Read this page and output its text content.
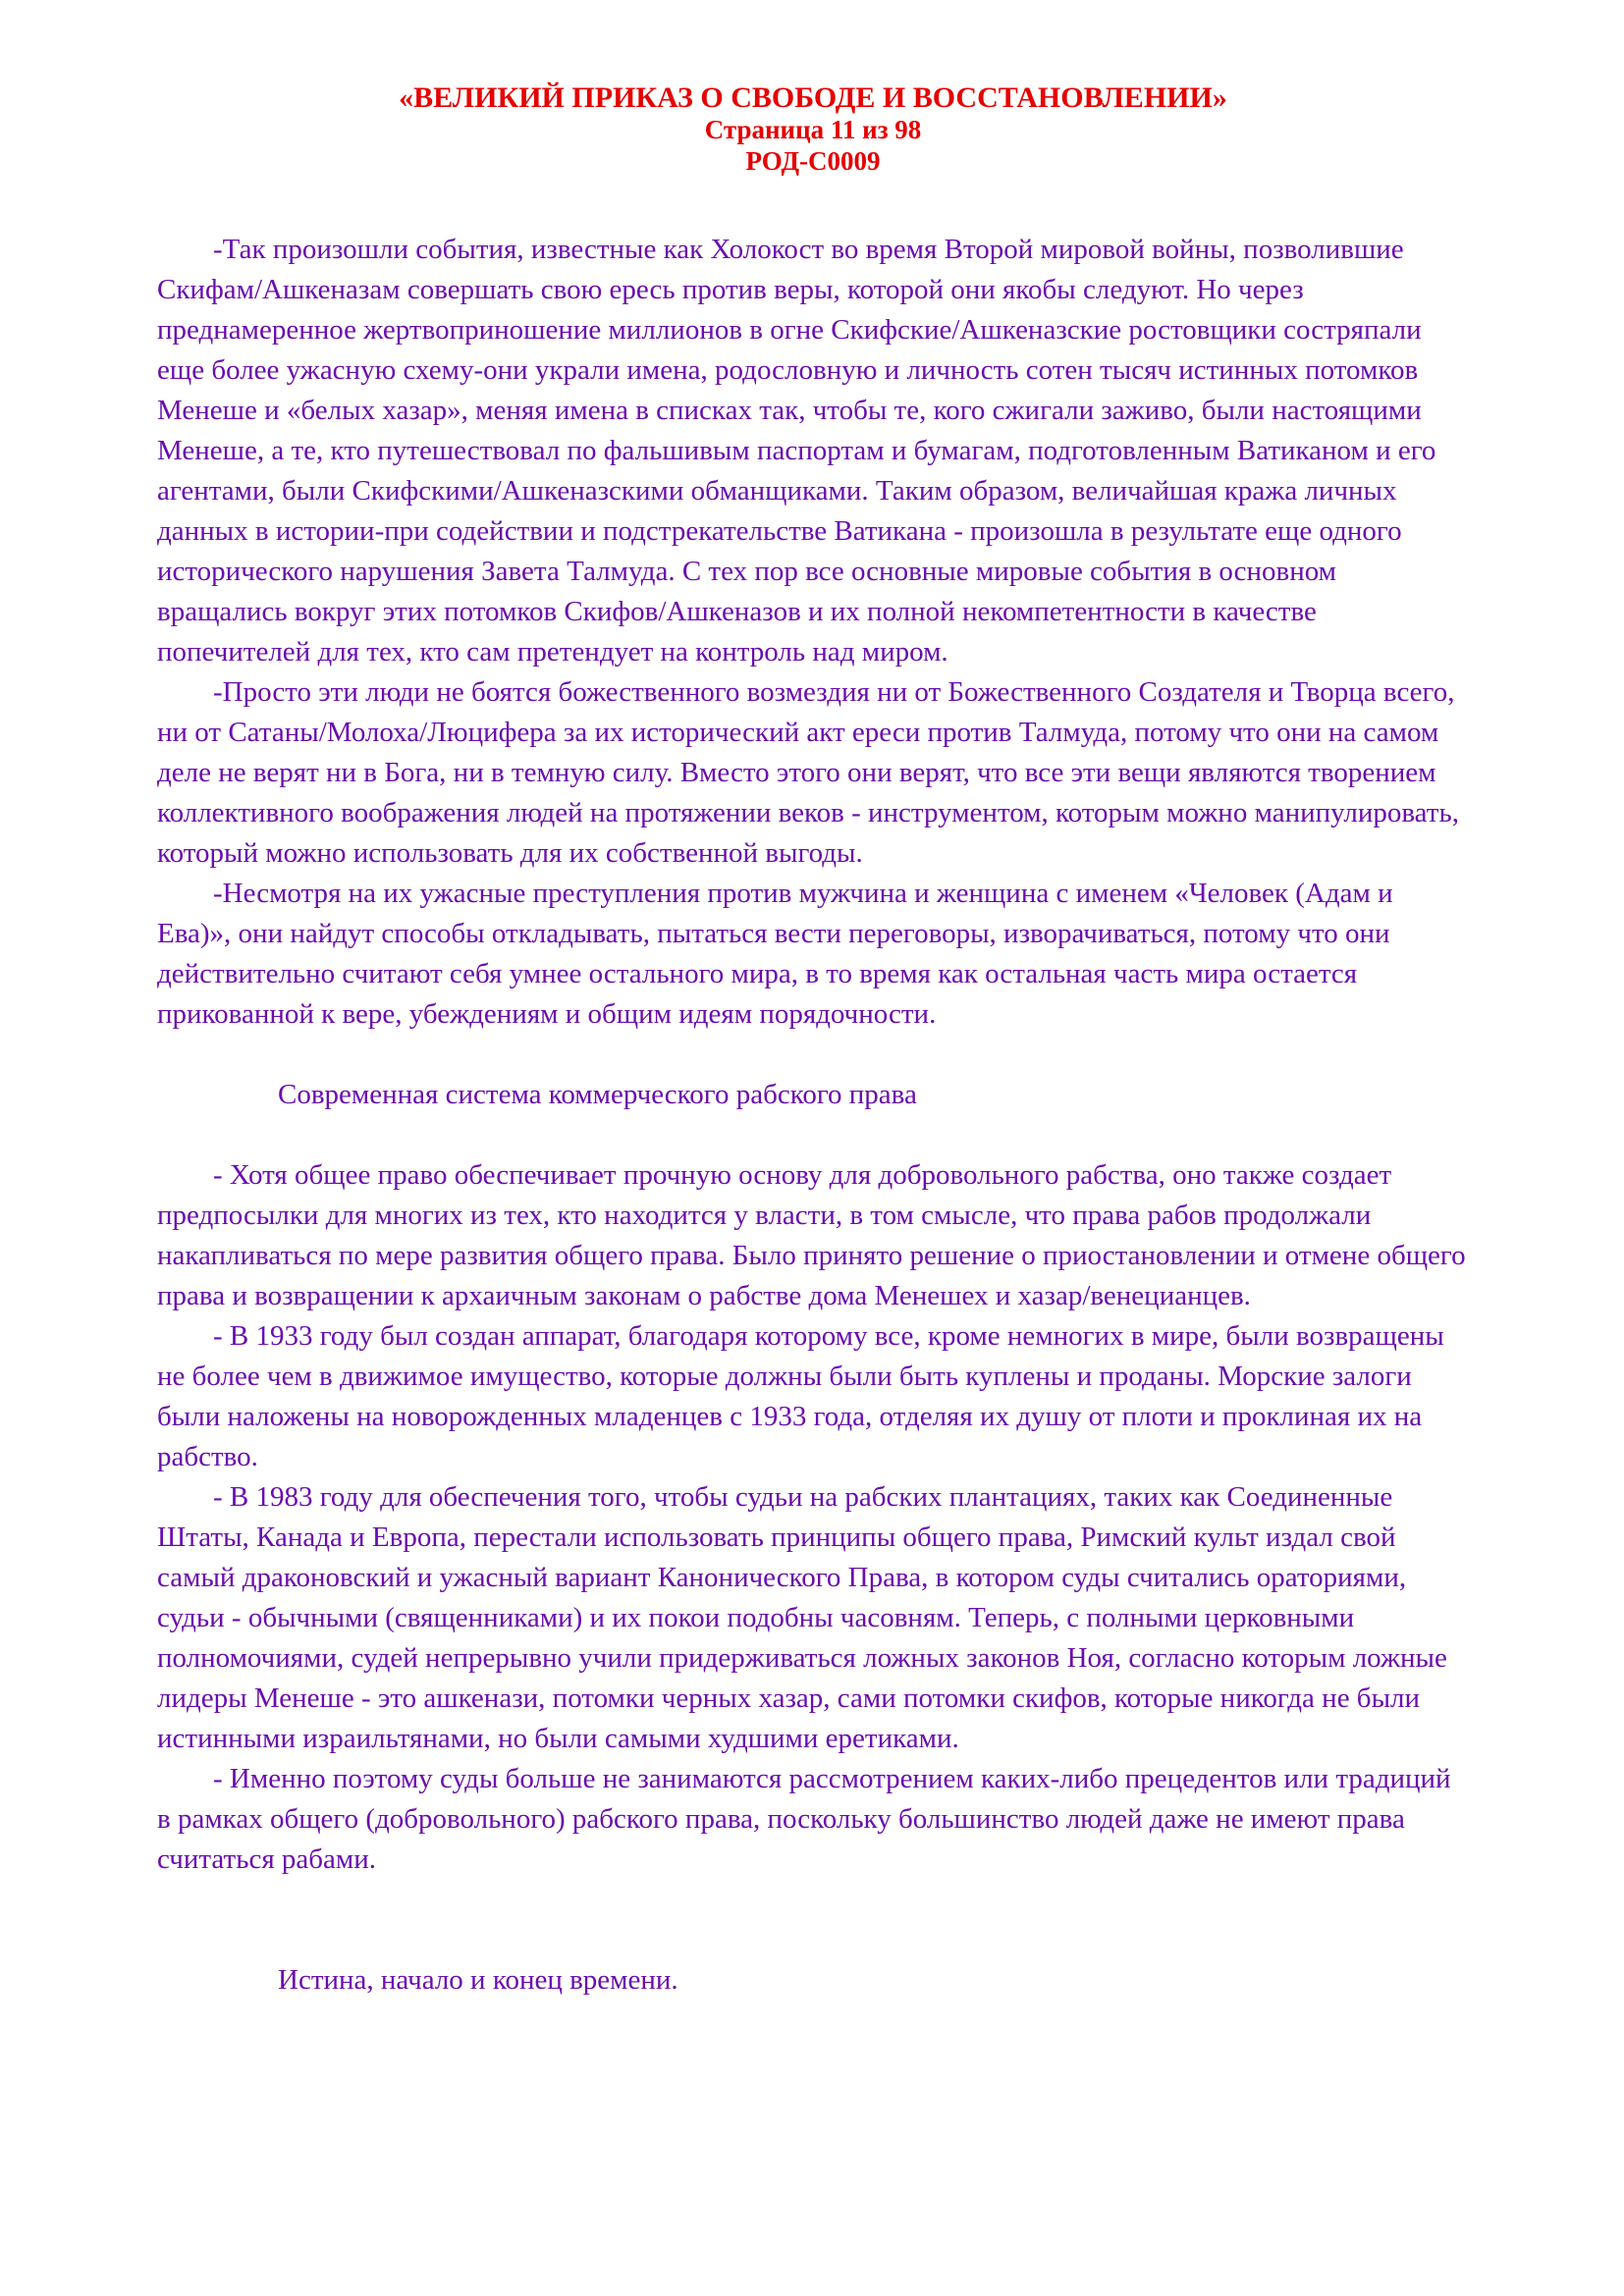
«ВЕЛИКИЙ ПРИКАЗ О СВОБОДЕ И ВОССТАНОВЛЕНИИ»
Страница 11 из 98
РОД-С0009

-Так произошли события, известные как Холокост во время Второй мировой войны, позволившие Скифам/Ашкеназам совершать свою ересь против веры, которой они якобы следуют. Но через преднамеренное жертвоприношение миллионов в огне Скифские/Ашкеназские ростовщики состряпали еще более ужасную схему-они украли имена, родословную и личность сотен тысяч истинных потомков Менеше и «белых хазар», меняя имена в списках так, чтобы те, кого сжигали заживо, были настоящими Менеше, а те, кто путешествовал по фальшивым паспортам и бумагам, подготовленным Ватиканом и его агентами, были Скифскими/Ашкеназскими обманщиками. Таким образом, величайшая кража личных данных в истории-при содействии и подстрекательстве Ватикана - произошла в результате еще одного исторического нарушения Завета Талмуда. С тех пор все основные мировые события в основном вращались вокруг этих потомков Скифов/Ашкеназов и их полной некомпетентности в качестве попечителей для тех, кто сам претендует на контроль над миром.

-Просто эти люди не боятся божественного возмездия ни от Божественного Создателя и Творца всего, ни от Сатаны/Молоха/Люцифера за их исторический акт ереси против Талмуда, потому что они на самом деле не верят ни в Бога, ни в темную силу. Вместо этого они верят, что все эти вещи являются творением коллективного воображения людей на протяжении веков - инструментом, которым можно манипулировать, который можно использовать для их собственной выгоды.

-Несмотря на их ужасные преступления против мужчина и женщина с именем «Человек (Адам и Ева)», они найдут способы откладывать, пытаться вести переговоры, изворачиваться, потому что они действительно считают себя умнее остального мира, в то время как остальная часть мира остается прикованной к вере, убеждениям и общим идеям порядочности.

Современная система коммерческого рабского права

- Хотя общее право обеспечивает прочную основу для добровольного рабства, оно также создает предпосылки для многих из тех, кто находится у власти, в том смысле, что права рабов продолжали накапливаться по мере развития общего права. Было принято решение о приостановлении и отмене общего права и возвращении к архаичным законам о рабстве дома Менешех и хазар/венецианцев.

- В 1933 году был создан аппарат, благодаря которому все, кроме немногих в мире, были возвращены не более чем в движимое имущество, которые должны были быть куплены и проданы. Морские залоги были наложены на новорожденных младенцев с 1933 года, отделяя их душу от плоти и проклиная их на рабство.

- В 1983 году для обеспечения того, чтобы судьи на рабских плантациях, таких как Соединенные Штаты, Канада и Европа, перестали использовать принципы общего права, Римский культ издал свой самый драконовский и ужасный вариант Канонического Права, в котором суды считались ораториями, судьи - обычными (священниками) и их покои подобны часовням. Теперь, с полными церковными полномочиями, судей непрерывно учили придерживаться ложных законов Ноя, согласно которым ложные лидеры Менеше - это ашкенази, потомки черных хазар, сами потомки скифов, которые никогда не были истинными израильтянами, но были самыми худшими еретиками.

- Именно поэтому суды больше не занимаются рассмотрением каких-либо прецедентов или традиций в рамках общего (добровольного) рабского права, поскольку большинство людей даже не имеют права считаться рабами.

Истина, начало и конец времени.
